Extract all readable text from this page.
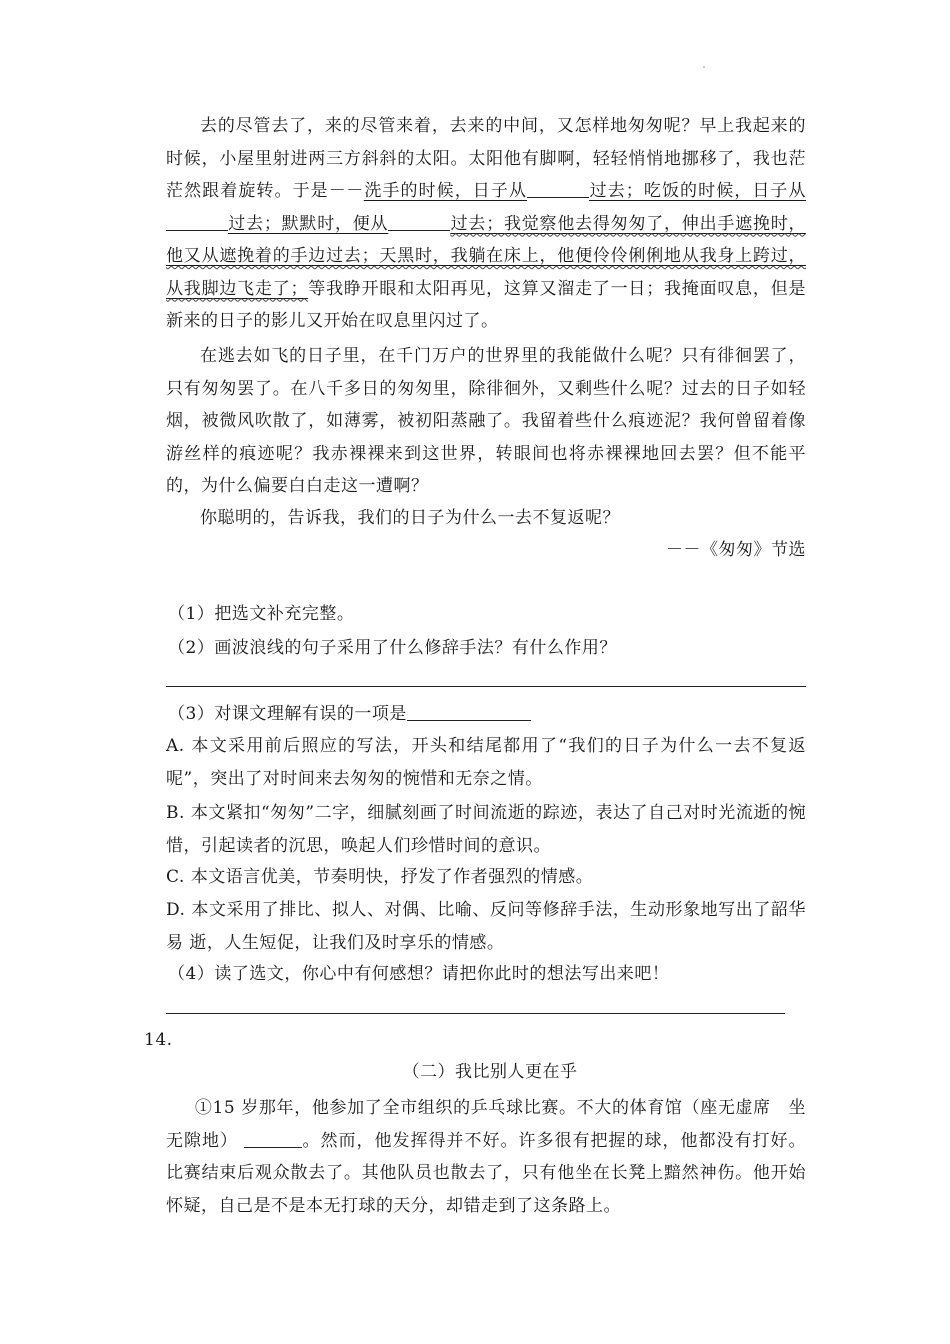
去的尽管去了，来的尽管来着，去来的中间，又怎样地匆匆呢？早上我起来的时候，小屋里射进两三方斜斜的太阳。太阳他有脚啊，轻轻悄悄地挪移了，我也茫茫然跟着旋转。于是－－洗手的时候，日子从	过去；吃饭的时候，日子从过去；默默时，便从	过去；我觉察他去得匆匆了，伸出手遮挽时，他又从遮挽着的手边过去；天黑时，我躺在床上，他便伶伶俐俐地从我身上跨过，从我脚边飞走了；等我睁开眼和太阳再见，这算又溜走了一日；我掩面叹息，但是新来的日子的影儿又开始在叹息里闪过了。

在逃去如飞的日子里，在千门万户的世界里的我能做什么呢？只有徘徊罢了，只有匆匆罢了。在八千多日的匆匆里，除徘徊外，又剩些什么呢？过去的日子如轻烟，被微风吹散了，如薄雾，被初阳蒸融了。我留着些什么痕迹泥？我何曾留着像游丝样的痕迹呢？我赤裸裸来到这世界，转眼间也将赤裸裸地回去罢？但不能平的，为什么偏要白白走这一遭啊？

你聪明的，告诉我，我们的日子为什么一去不复返呢？

－－《匆匆》节选
（1）把选文补充完整。
（2）画波浪线的句子采用了什么修辞手法？有什么作用？
（3）对课文理解有误的一项是

A. 本文采用前后照应的写法，开头和结尾都用了“我们的日子为什么一去不复返呢”，突出了对时间来去匆匆的惋惜和无奈之情。

B. 本文紧扣“匆匆”二字，细腻刻画了时间流逝的踪迹，表达了自己对时光流逝的惋 惜，引起读者的沉思，唤起人们珍惜时间的意识。

C. 本文语言优美，节奏明快，抒发了作者强烈的情感。

D. 本文采用了排比、拟人、对偶、比喻、反问等修辞手法，生动形象地写出了韶华易 逝，人生短促，让我们及时享乐的情感。

（4）读了选文，你心中有何感想？请把你此时的想法写出来吧！
14.
（二）我比别人更在乎

①15 岁那年，他参加了全市组织的乒乓球比赛。不大的体育馆（座无虚席　坐无隙地）	。然而，他发挥得并不好。许多很有把握的球，他都没有打好。比赛结束后观众散去了。其他队员也散去了，只有他坐在长凳上黯然神伤。他开始怀疑，自己是不是本无打球的天分，却错走到了这条路上。
